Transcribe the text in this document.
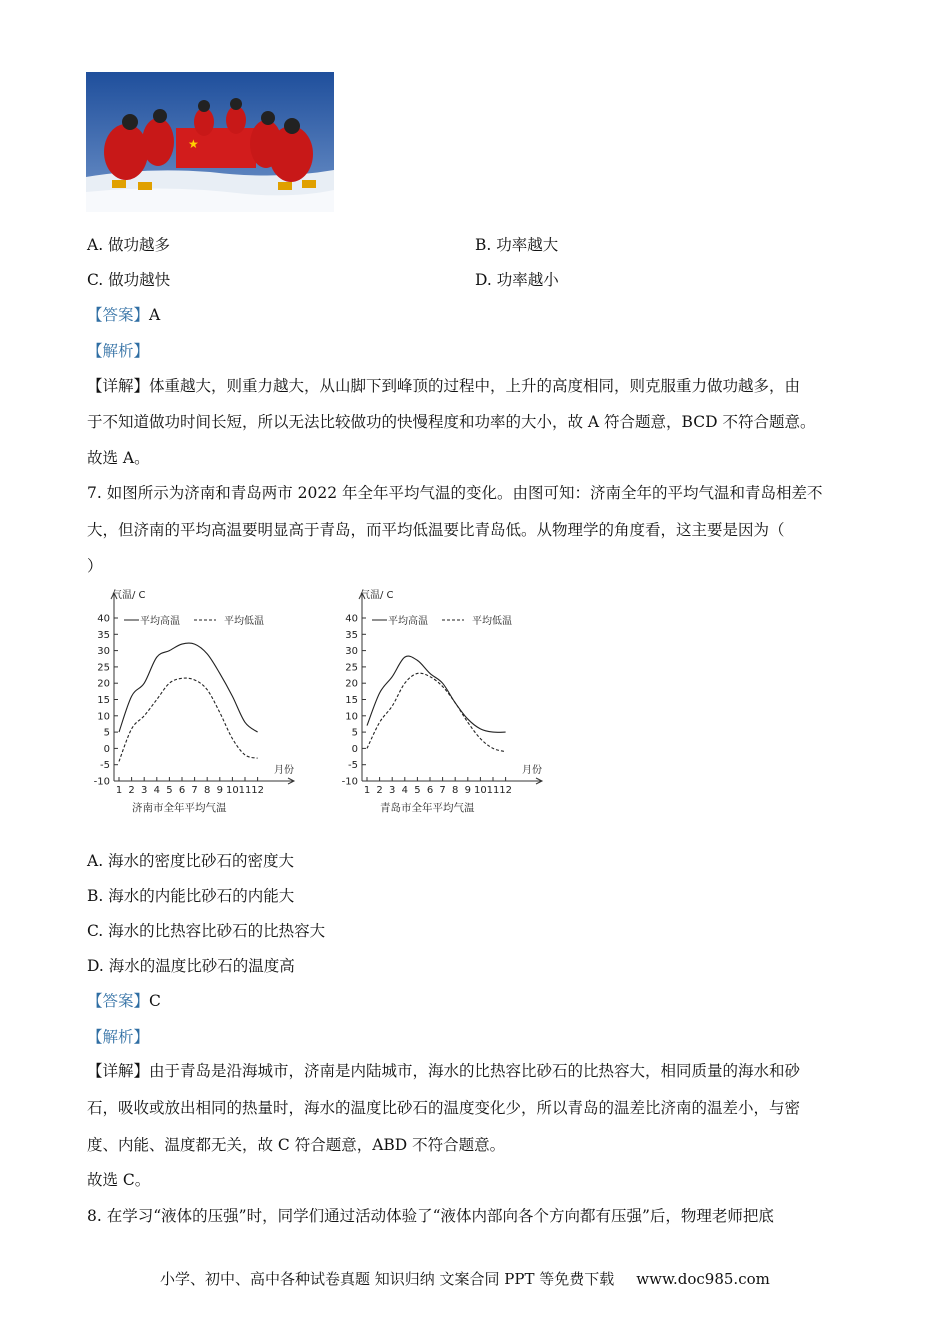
★
A. 做功越多	B. 功率越大
C. 做功越快	D. 功率越小
【答案】A
【解析】
【详解】体重越大，则重力越大，从山脚下到峰顶的过程中，上升的高度相同，则克服重力做功越多，由
于不知道做功时间长短，所以无法比较做功的快慢程度和功率的大小，故 A 符合题意，BCD 不符合题意。
故选 A。
7. 如图所示为济南和青岛两市 2022 年全年平均气温的变化。由图可知：济南全年的平均气温和青岛相差不
大，但济南的平均高温要明显高于青岛，而平均低温要比青岛低。从物理学的角度看，这主要是因为（
）
气温/ C
月份
40
35
30
25
20
15
10
5
0
-5
-10
1 2 3 4 5 6 7 8 9 10 11 12
平均高温	平均低温
济南市全年平均气温
气温/ C
月份
40
35
30
25
20
15
10
5
0
-5
-10
1 2 3 4 5 6 7 8 9 10 11 12
平均高温	平均低温
青岛市全年平均气温
A. 海水的密度比砂石的密度大
B. 海水的内能比砂石的内能大
C. 海水的比热容比砂石的比热容大
D. 海水的温度比砂石的温度高
【答案】C
【解析】
【详解】由于青岛是沿海城市，济南是内陆城市，海水的比热容比砂石的比热容大，相同质量的海水和砂
石，吸收或放出相同的热量时，海水的温度比砂石的温度变化少，所以青岛的温差比济南的温差小，与密
度、内能、温度都无关，故 C 符合题意，ABD 不符合题意。
故选 C。
8. 在学习“液体的压强”时，同学们通过活动体验了“液体内部向各个方向都有压强”后，物理老师把底
小学、初中、高中各种试卷真题 知识归纳 文案合同 PPT 等免费下载 www.doc985.com
